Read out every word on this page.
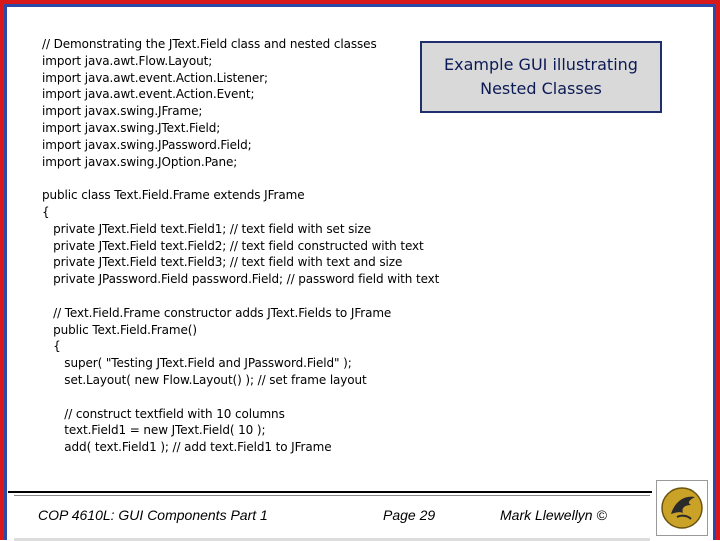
// Demonstrating the JText.Field class and nested classes
import java.awt.Flow.Layout;
import java.awt.event.Action.Listener;
import java.awt.event.Action.Event;
import javax.swing.JFrame;
import javax.swing.JText.Field;
import javax.swing.JPassword.Field;
import javax.swing.JOption.Pane;
public class Text.Field.Frame extends JFrame
{
private JText.Field text.Field1; // text field with set size
private JText.Field text.Field2; // text field constructed with text
private JText.Field text.Field3; // text field with text and size
private JPassword.Field password.Field; // password field with text
// Text.Field.Frame constructor adds JText.Fields to JFrame
public Text.Field.Frame()
{
super( "Testing JText.Field and JPassword.Field" );
set.Layout( new Flow.Layout() ); // set frame layout
// construct textfield with 10 columns
text.Field1 = new JText.Field( 10 );
add( text.Field1 ); // add text.Field1 to JFrame
Example GUI illustrating
Nested Classes
COP 4610L: GUI Components Part 1	Page 29	Mark Llewellyn ©
